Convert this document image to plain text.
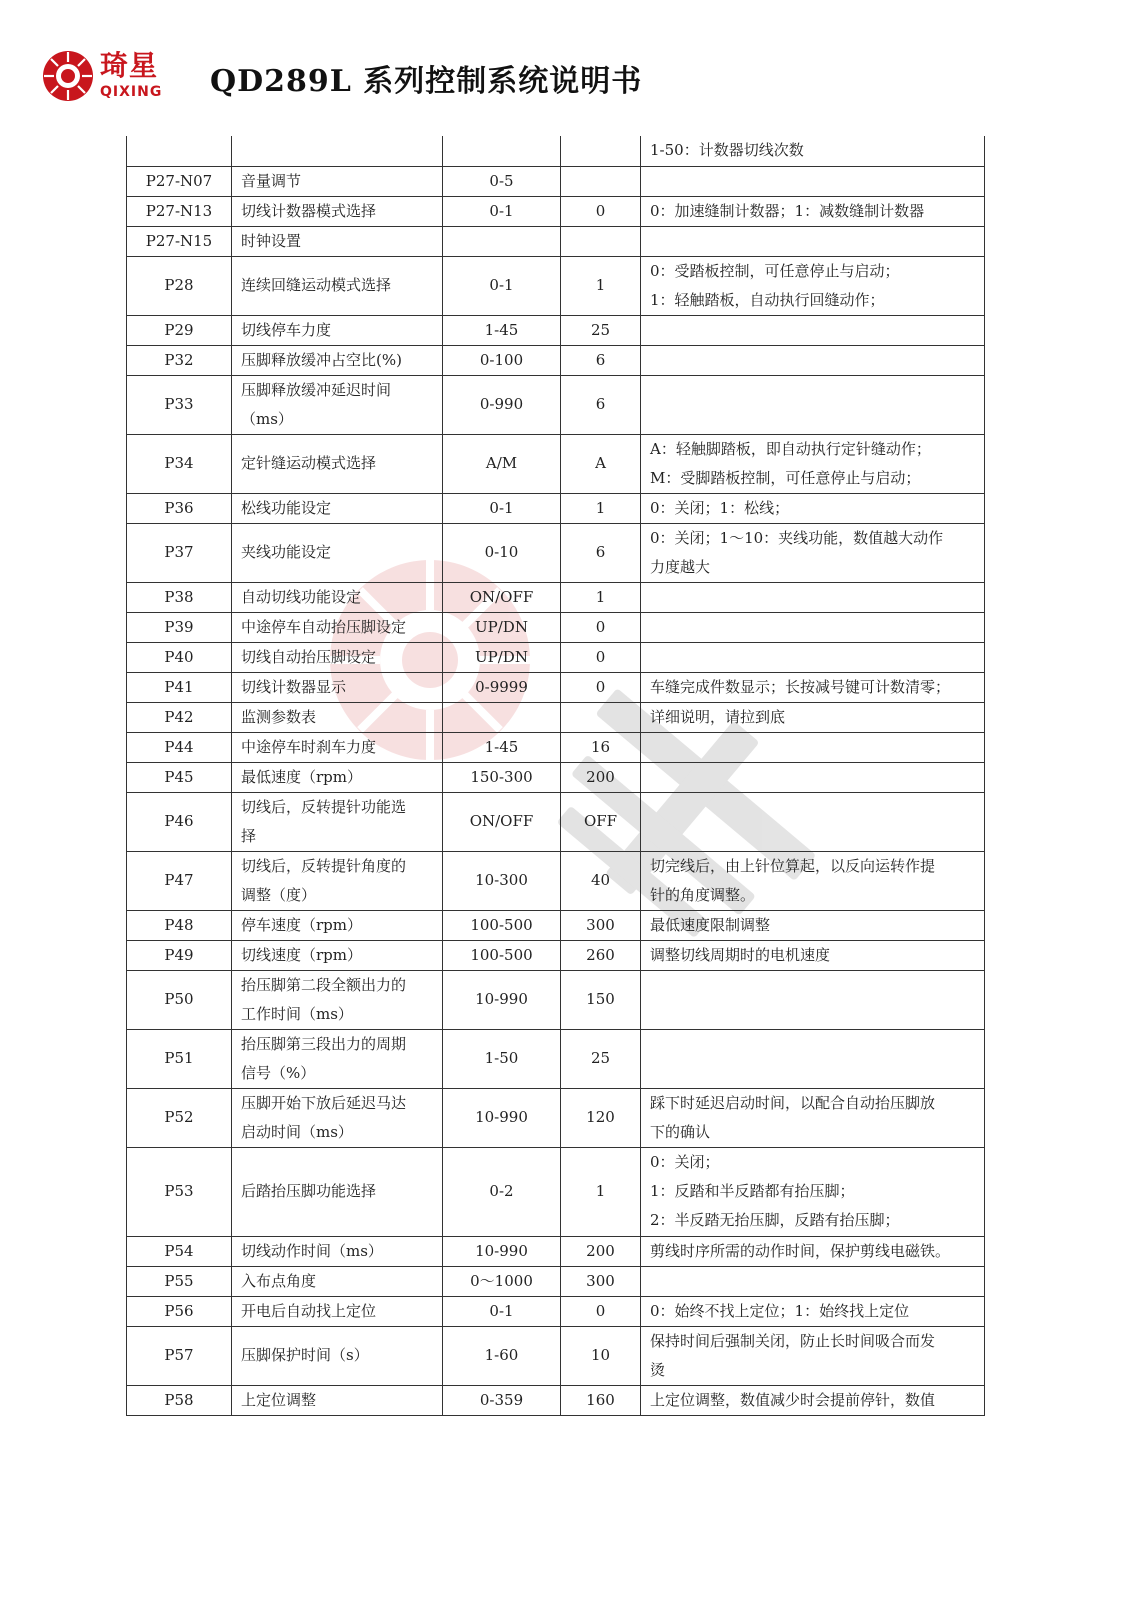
琦星
QIXING QD289L 系列控制系统说明书
				1-50：计数器切线次数
P27-N07	音量调节	0-5		
P27-N13	切线计数器模式选择	0-1	0	0：加速缝制计数器；1：减数缝制计数器
P27-N15	时钟设置			
P28	连续回缝运动模式选择	0-1	1	0：受踏板控制，可任意停止与启动；
1：轻触踏板，自动执行回缝动作；
P29	切线停车力度	1-45	25	
P32	压脚释放缓冲占空比(%)	0-100	6	
P33	压脚释放缓冲延迟时间
（ms）	0-990	6	
P34	定针缝运动模式选择	A/M	A	A：轻触脚踏板，即自动执行定针缝动作；
M：受脚踏板控制，可任意停止与启动；
P36	松线功能设定	0-1	1	0：关闭；1：松线；
P37	夹线功能设定	0-10	6	0：关闭；1～10：夹线功能，数值越大动作
力度越大
P38	自动切线功能设定	ON/OFF	1	
P39	中途停车自动抬压脚设定	UP/DN	0	
P40	切线自动抬压脚设定	UP/DN	0	
P41	切线计数器显示	0-9999	0	车缝完成件数显示；长按减号键可计数清零；
P42	监测参数表			详细说明，请拉到底
P44	中途停车时刹车力度	1-45	16	
P45	最低速度（rpm）	150-300	200	
P46	切线后，反转提针功能选
择	ON/OFF	OFF	
P47	切线后，反转提针角度的
调整（度）	10-300	40	切完线后，由上针位算起，以反向运转作提
针的角度调整。
P48	停车速度（rpm）	100-500	300	最低速度限制调整
P49	切线速度（rpm）	100-500	260	调整切线周期时的电机速度
P50	抬压脚第二段全额出力的
工作时间（ms）	10-990	150	
P51	抬压脚第三段出力的周期
信号（%）	1-50	25	
P52	压脚开始下放后延迟马达
启动时间（ms）	10-990	120	踩下时延迟启动时间，以配合自动抬压脚放
下的确认
P53	后踏抬压脚功能选择	0-2	1	0：关闭；
1：反踏和半反踏都有抬压脚；
2：半反踏无抬压脚，反踏有抬压脚；
P54	切线动作时间（ms）	10-990	200	剪线时序所需的动作时间，保护剪线电磁铁。
P55	入布点角度	0～1000	300	
P56	开电后自动找上定位	0-1	0	0：始终不找上定位；1：始终找上定位
P57	压脚保护时间（s）	1-60	10	保持时间后强制关闭，防止长时间吸合而发
烫
P58	上定位调整	0-359	160	上定位调整，数值减少时会提前停针，数值
